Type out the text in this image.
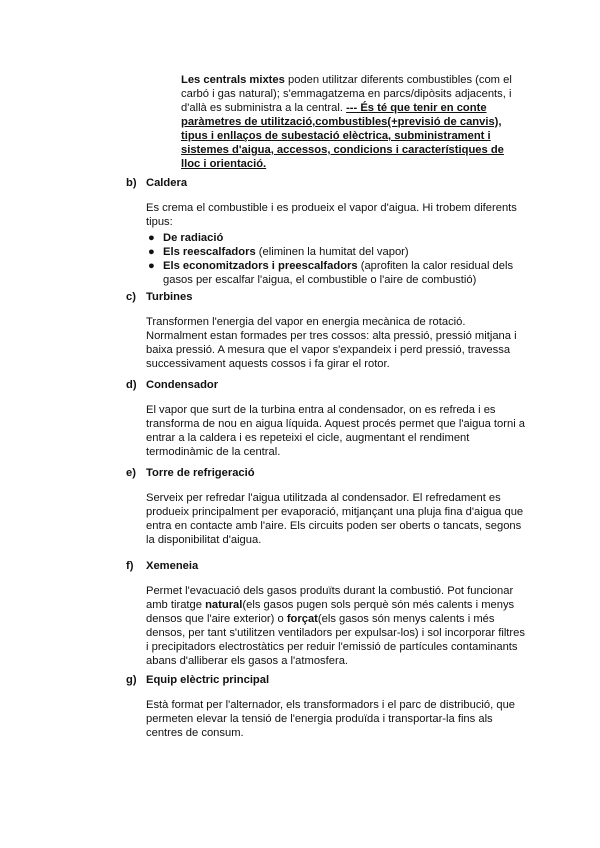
Les centrals mixtes poden utilitzar diferents combustibles (com el carbó i gas natural); s'emmagatzema en parcs/dipòsits adjacents, i d'allà es subministra a la central. --- És té que tenir en conte paràmetres de utilització,combustibles(+previsió de canvis), tipus i enllaços de subestació elèctrica, subministrament i sistemes d'aigua, accessos, condicions i característiques de lloc i orientació.

b) Caldera

Es crema el combustible i es produeix el vapor d'aigua. Hi trobem diferents tipus:

● De radiació
● Els reescalfadors (eliminen la humitat del vapor)
● Els economitzadors i preescalfadors (aprofiten la calor residual dels gasos per escalfar l'aigua, el combustible o l'aire de combustió)

c) Turbines

Transformen l'energia del vapor en energia mecànica de rotació. Normalment estan formades per tres cossos: alta pressió, pressió mitjana i baixa pressió. A mesura que el vapor s'expandeix i perd pressió, travessa successivament aquests cossos i fa girar el rotor.

d) Condensador

El vapor que surt de la turbina entra al condensador, on es refreda i es transforma de nou en aigua líquida. Aquest procés permet que l'aigua torni a entrar a la caldera i es repeteixi el cicle, augmentant el rendiment termodinàmic de la central.

e) Torre de refrigeració

Serveix per refredar l'aigua utilitzada al condensador. El refredament es produeix principalment per evaporació, mitjançant una pluja fina d'aigua que entra en contacte amb l'aire. Els circuits poden ser oberts o tancats, segons la disponibilitat d'aigua.

f) Xemeneia

Permet l'evacuació dels gasos produïts durant la combustió. Pot funcionar amb tiratge natural(els gasos pugen sols perquè són més calents i menys densos que l'aire exterior) o forçat(els gasos són menys calents i més densos, per tant s'utilitzen ventiladors per expulsar-los) i sol incorporar filtres i precipitadors electrostàtics per reduir l'emissió de partícules contaminants abans d'alliberar els gasos a l'atmosfera.

g) Equip elèctric principal

Està format per l'alternador, els transformadors i el parc de distribució, que permeten elevar la tensió de l'energia produïda i transportar-la fins als centres de consum.
